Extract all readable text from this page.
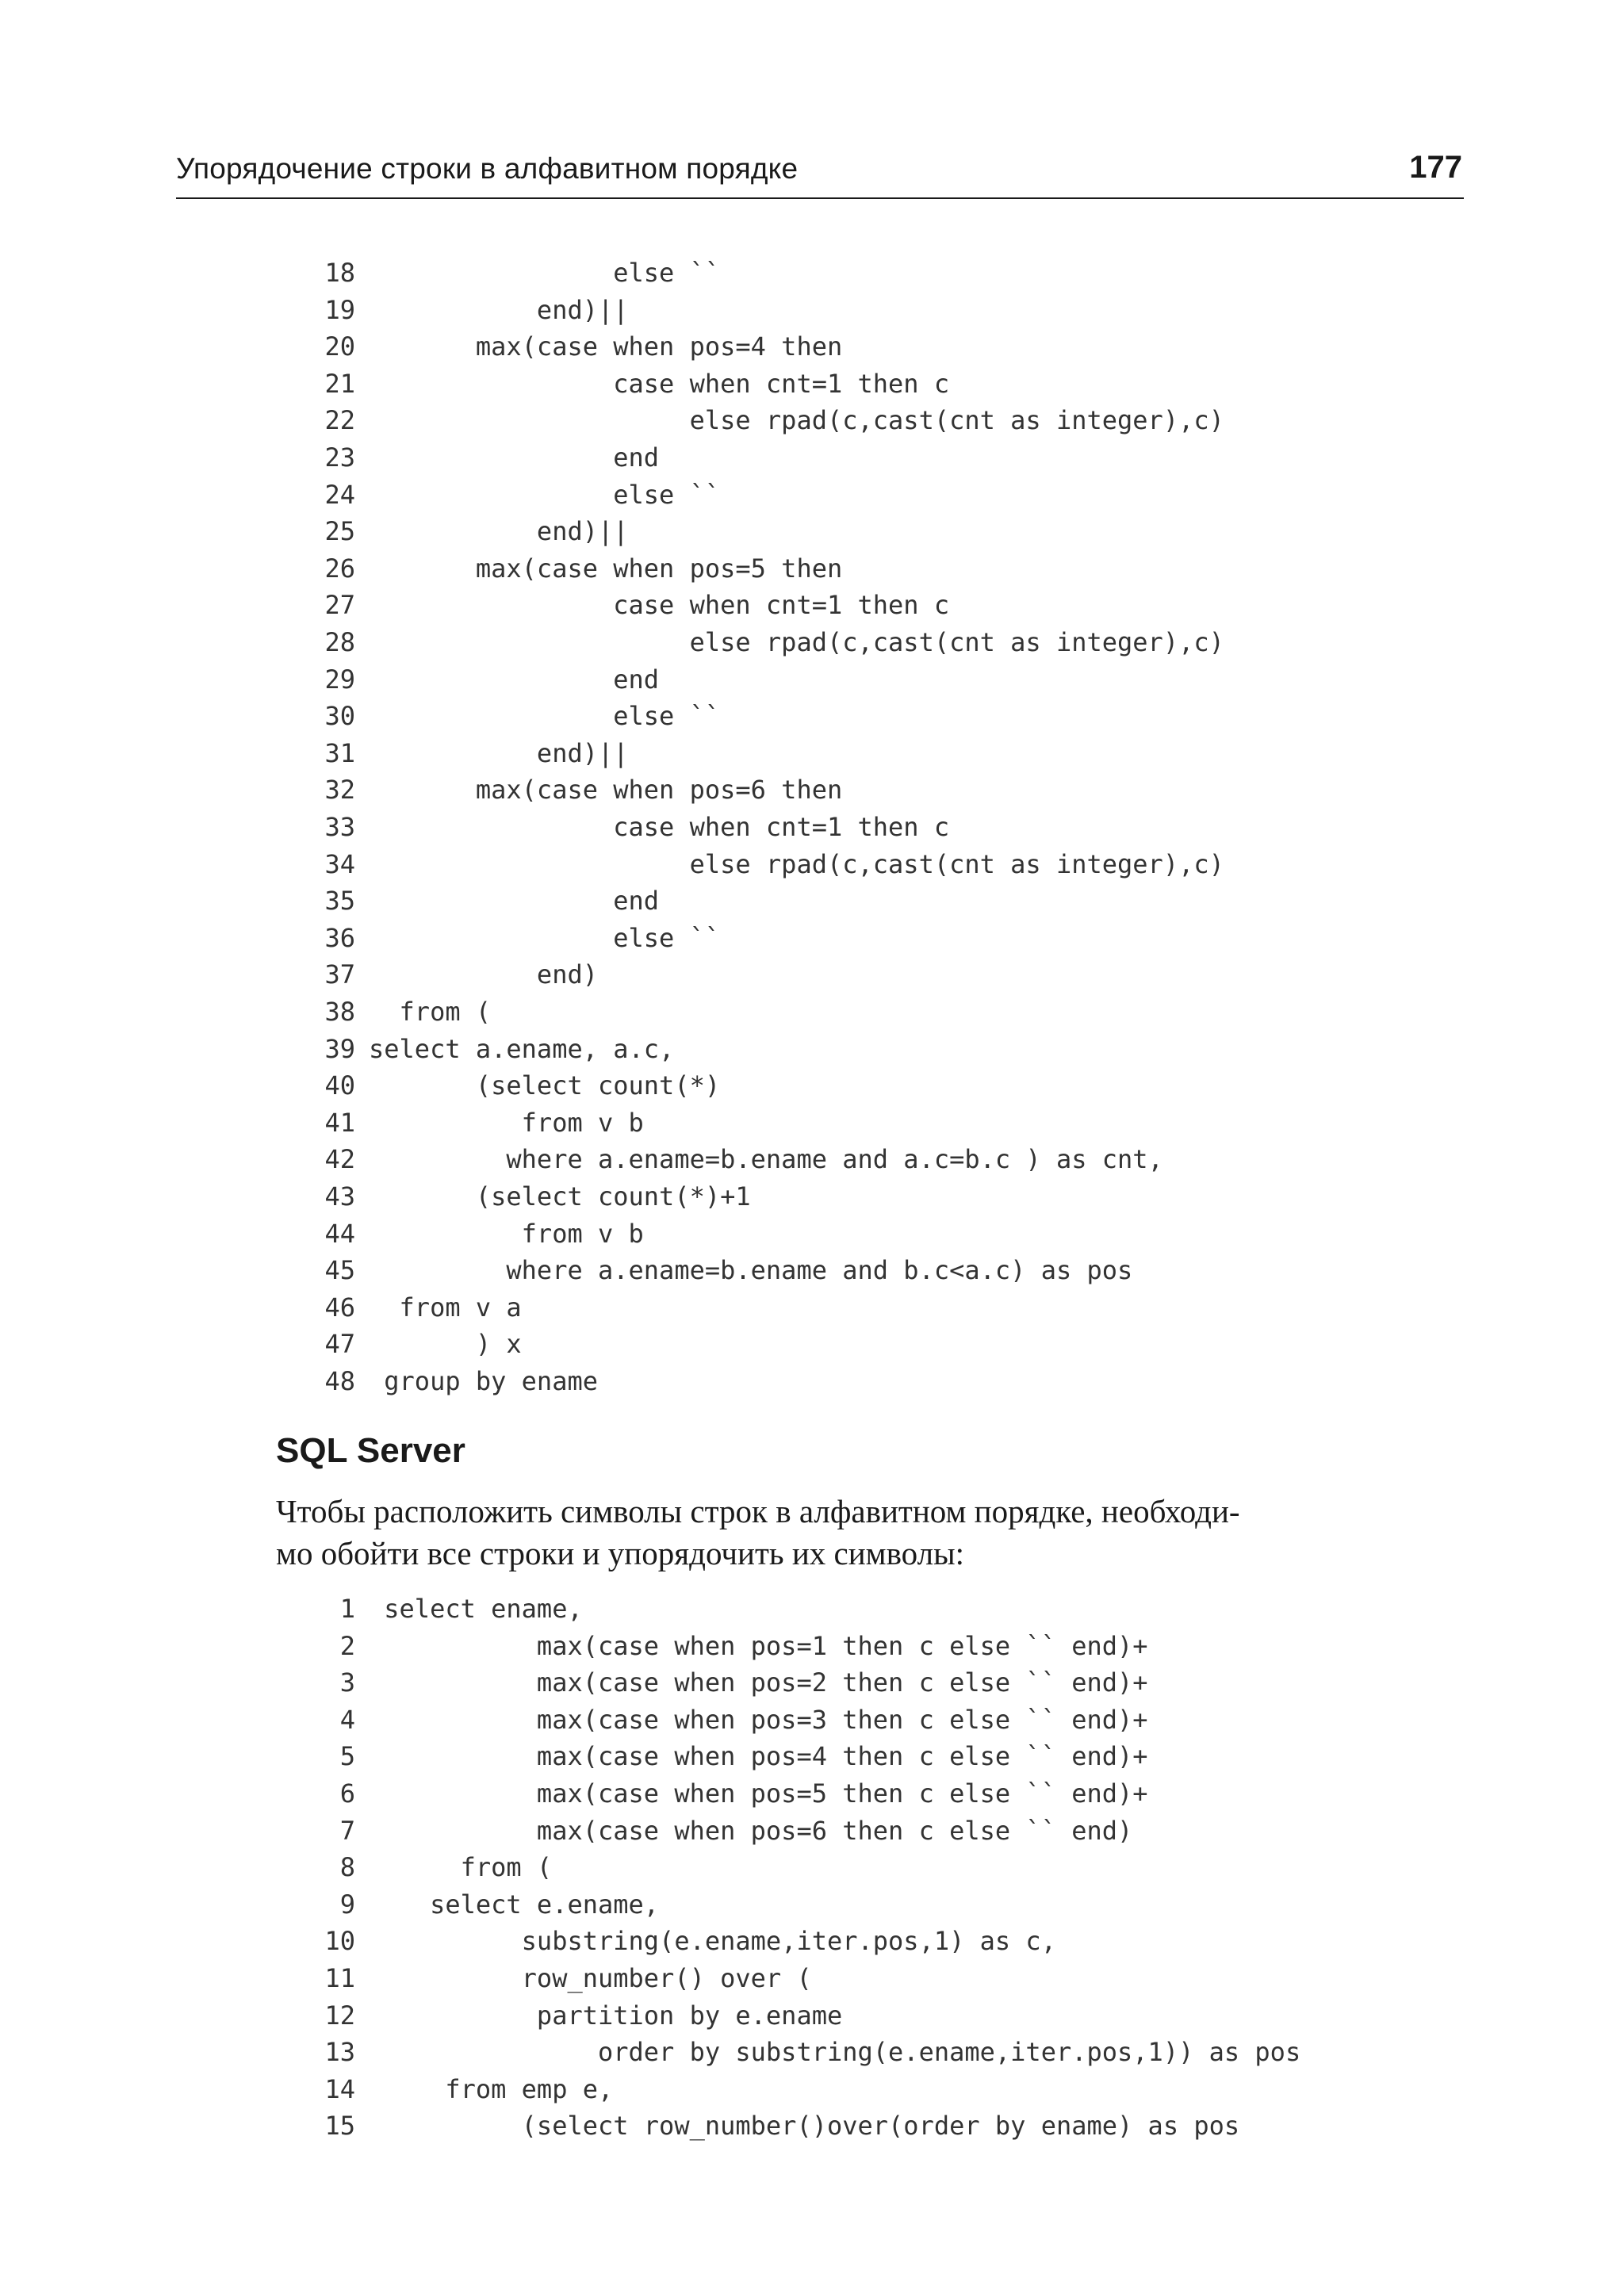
Упорядочение строки в алфавитном порядке	177
18 else ``
19 end)||
20 max(case when pos=4 then
21 case when cnt=1 then c
22 else rpad(c,cast(cnt as integer),c)
23 end
24 else ``
25 end)||
26 max(case when pos=5 then
27 case when cnt=1 then c
28 else rpad(c,cast(cnt as integer),c)
29 end
30 else ``
31 end)||
32 max(case when pos=6 then
33 case when cnt=1 then c
34 else rpad(c,cast(cnt as integer),c)
35 end
36 else ``
37 end)
38 from (
39 select a.ename, a.c,
40 (select count(*)
41 from v b
42 where a.ename=b.ename and a.c=b.c ) as cnt,
43 (select count(*)+1
44 from v b
45 where a.ename=b.ename and b.c<a.c) as pos
46 from v a
47 ) x
48 group by ename
SQL Server
Чтобы расположить символы строк в алфавитном порядке, необходи-
мо обойти все строки и упорядочить их символы:
1 select ename,
2 max(case when pos=1 then c else `` end)+
3 max(case when pos=2 then c else `` end)+
4 max(case when pos=3 then c else `` end)+
5 max(case when pos=4 then c else `` end)+
6 max(case when pos=5 then c else `` end)+
7 max(case when pos=6 then c else `` end)
8 from (
9 select e.ename,
10 substring(e.ename,iter.pos,1) as c,
11 row_number() over (
12 partition by e.ename
13 order by substring(e.ename,iter.pos,1)) as pos
14 from emp e,
15 (select row_number()over(order by ename) as pos
